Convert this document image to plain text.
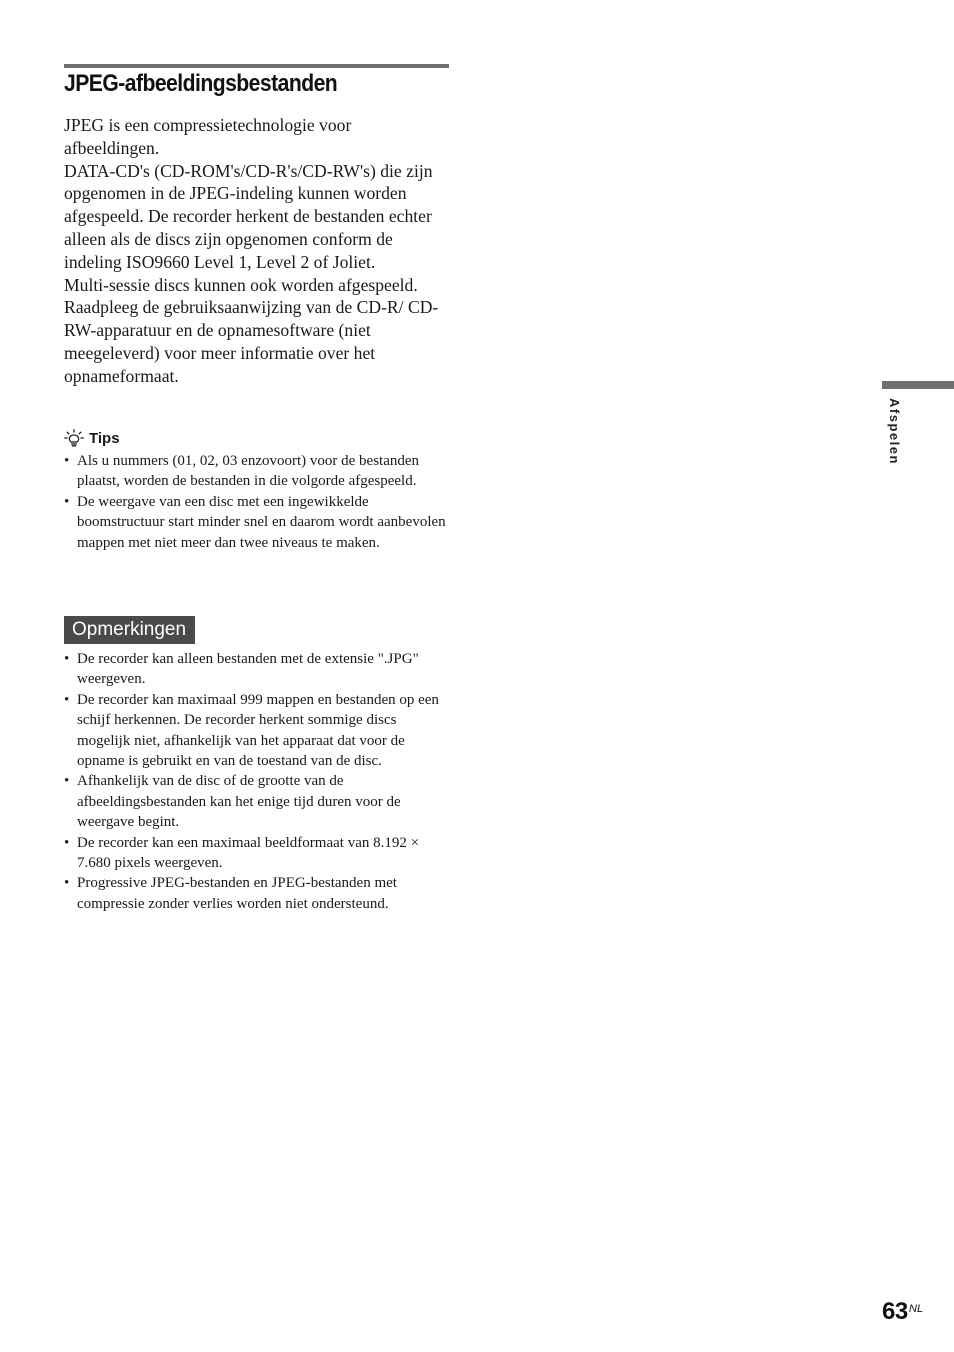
JPEG-afbeeldingsbestanden

JPEG is een compressietechnologie voor afbeeldingen.

DATA-CD's (CD-ROM's/CD-R's/CD-RW's) die zijn opgenomen in de JPEG-indeling kunnen worden afgespeeld. De recorder herkent de bestanden echter alleen als de discs zijn opgenomen conform de indeling ISO9660 Level 1, Level 2 of Joliet.

Multi-sessie discs kunnen ook worden afgespeeld. Raadpleeg de gebruiksaanwijzing van de CD-R/ CD-RW-apparatuur en de opnamesoftware (niet meegeleverd) voor meer informatie over het opnameformaat.

Tips
• Als u nummers (01, 02, 03 enzovoort) voor de bestanden plaatst, worden de bestanden in die volgorde afgespeeld.
• De weergave van een disc met een ingewikkelde boomstructuur start minder snel en daarom wordt aanbevolen mappen met niet meer dan twee niveaus te maken.
Opmerkingen
• De recorder kan alleen bestanden met de extensie ".JPG" weergeven.
• De recorder kan maximaal 999 mappen en bestanden op een schijf herkennen. De recorder herkent sommige discs mogelijk niet, afhankelijk van het apparaat dat voor de opname is gebruikt en van de toestand van de disc.
• Afhankelijk van de disc of de grootte van de afbeeldingsbestanden kan het enige tijd duren voor de weergave begint.
• De recorder kan een maximaal beeldformaat van 8.192 × 7.680 pixels weergeven.
• Progressive JPEG-bestanden en JPEG-bestanden met compressie zonder verlies worden niet ondersteund.
Afspelen
63 NL
